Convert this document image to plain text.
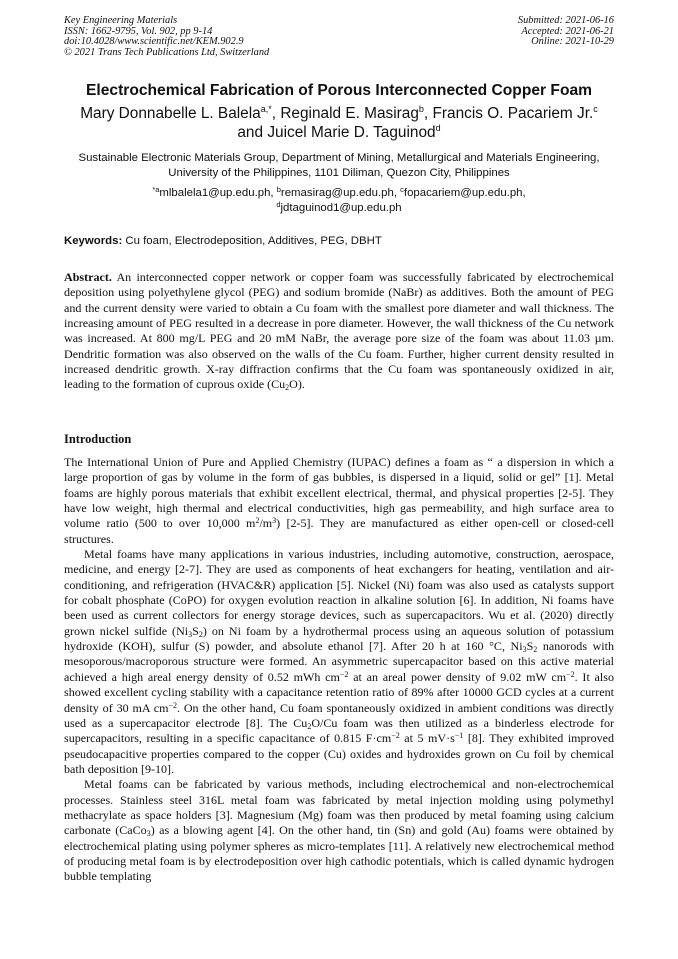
Key Engineering Materials
ISSN: 1662-9795, Vol. 902, pp 9-14
doi:10.4028/www.scientific.net/KEM.902.9
© 2021 Trans Tech Publications Ltd, Switzerland
Submitted: 2021-06-16
Accepted: 2021-06-21
Online: 2021-10-29
Electrochemical Fabrication of Porous Interconnected Copper Foam
Mary Donnabelle L. Balela$^{a,*}$, Reginald E. Masirag$^b$, Francis O. Pacariem Jr.$^c$
and Juicel Marie D. Taguinod$^d$
Sustainable Electronic Materials Group, Department of Mining, Metallurgical and Materials Engineering, University of the Philippines, 1101 Diliman, Quezon City, Philippines
$^{*a}$mlbalela1@up.edu.ph, $^b$remasirag@up.edu.ph, $^c$fopacariem@up.edu.ph,
$^d$jdtaguinod1@up.edu.ph
Keywords: Cu foam, Electrodeposition, Additives, PEG, DBHT
Abstract. An interconnected copper network or copper foam was successfully fabricated by electrochemical deposition using polyethylene glycol (PEG) and sodium bromide (NaBr) as additives. Both the amount of PEG and the current density were varied to obtain a Cu foam with the smallest pore diameter and wall thickness. The increasing amount of PEG resulted in a decrease in pore diameter. However, the wall thickness of the Cu network was increased. At 800 mg/L PEG and 20 mM NaBr, the average pore size of the foam was about 11.03 µm. Dendritic formation was also observed on the walls of the Cu foam. Further, higher current density resulted in increased dendritic growth. X-ray diffraction confirms that the Cu foam was spontaneously oxidized in air, leading to the formation of cuprous oxide $(Cu_2O)$.
Introduction
The International Union of Pure and Applied Chemistry (IUPAC) defines a foam as “ a dispersion in which a large proportion of gas by volume in the form of gas bubbles, is dispersed in a liquid, solid or gel” [1]. Metal foams are highly porous materials that exhibit excellent electrical, thermal, and physical properties [2-5]. They have low weight, high thermal and electrical conductivities, high gas permeability, and high surface area to volume ratio (500 to over 10,000 $m^2/m^3$) [2-5]. They are manufactured as either open-cell or closed-cell structures.
Metal foams have many applications in various industries, including automotive, construction, aerospace, medicine, and energy [2-7]. They are used as components of heat exchangers for heating, ventilation and air-conditioning, and refrigeration (HVAC&R) application [5]. Nickel (Ni) foam was also used as catalysts support for cobalt phosphate (CoPO) for oxygen evolution reaction in alkaline solution [6]. In addition, Ni foams have been used as current collectors for energy storage devices, such as supercapacitors. Wu et al. (2020) directly grown nickel sulfide $(Ni_3S_2)$ on Ni foam by a hydrothermal process using an aqueous solution of potassium hydroxide (KOH), sulfur (S) powder, and absolute ethanol [7]. After 20 h at 160 °C, $Ni_3S_2$ nanorods with mesoporous/macroporous structure were formed. An asymmetric supercapacitor based on this active material achieved a high areal energy density of 0.52 mWh $cm^{-2}$ at an areal power density of 9.02 mW $cm^{-2}$. It also showed excellent cycling stability with a capacitance retention ratio of 89% after 10000 GCD cycles at a current density of 30 mA $cm^{-2}$. On the other hand, Cu foam spontaneously oxidized in ambient conditions was directly used as a supercapacitor electrode [8]. The $Cu_2O/Cu$ foam was then utilized as a binderless electrode for supercapacitors, resulting in a specific capacitance of 0.815 $F\cdot cm^{-2}$ at 5 $mV\cdot s^{-1}$ [8]. They exhibited improved pseudocapacitive properties compared to the copper (Cu) oxides and hydroxides grown on Cu foil by chemical bath deposition [9-10].
Metal foams can be fabricated by various methods, including electrochemical and non-electrochemical processes. Stainless steel 316L metal foam was fabricated by metal injection molding using polymethyl methacrylate as space holders [3]. Magnesium (Mg) foam was then produced by metal foaming using calcium carbonate (CaCo$_3$) as a blowing agent [4]. On the other hand, tin (Sn) and gold (Au) foams were obtained by electrochemical plating using polymer spheres as micro-templates [11]. A relatively new electrochemical method of producing metal foam is by electrodeposition over high cathodic potentials, which is called dynamic hydrogen bubble templating
